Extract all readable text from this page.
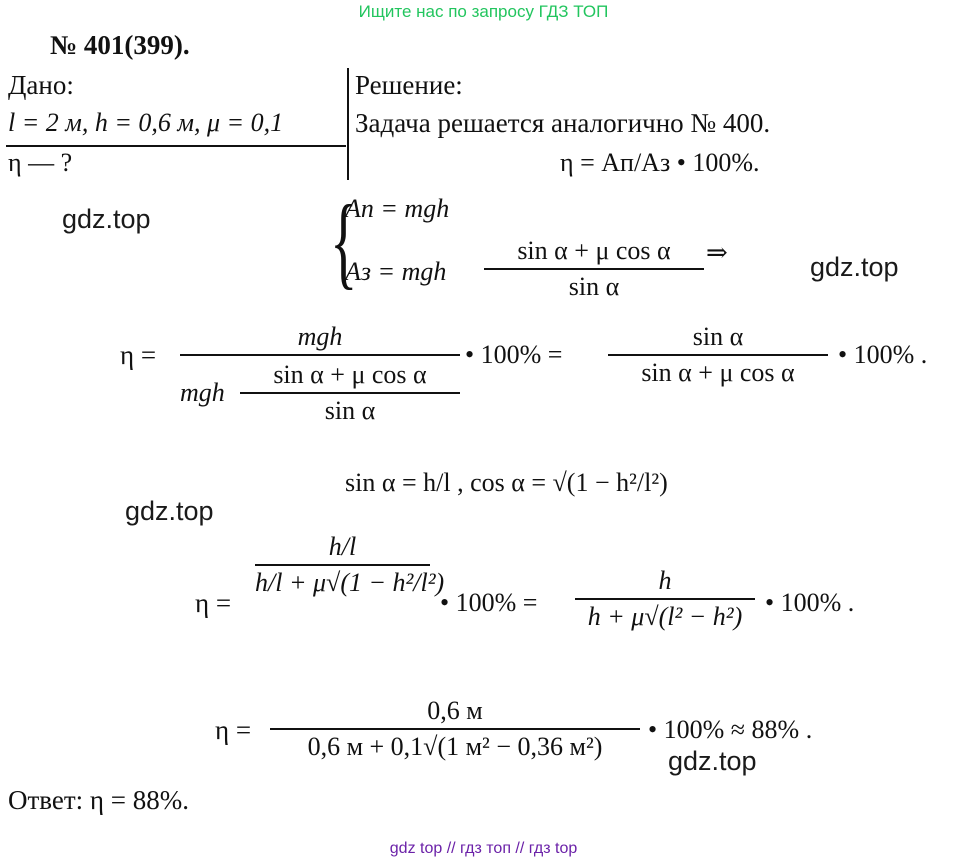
Ищите нас по запросу ГДЗ ТОП
gdz top // гдз топ // гдз top
№ 401(399).
Дано:
l = 2 м, h = 0,6 м, μ = 0,1
η — ?
Решение:
Задача решается аналогично № 400.
η = Aп/Aз • 100%.
{
Aп = mgh
Aз = mgh
sin α + μ cos α
sin α
⇒
η =
mgh
mgh
sin α + μ cos α
sin α
• 100% =
sin α
sin α + μ cos α
• 100% .
sin α = h/l , cos α = √(1 − h²/l²)
η =
h/l
h/l + μ√(1 − h²/l²)
• 100% =
h
h + μ√(l² − h²) • 100% .
η =
0,6 м
0,6 м + 0,1√(1 м² − 0,36 м²)
• 100% ≈ 88% .
Ответ: η = 88%.
gdz.top
gdz.top
gdz.top
gdz.top
